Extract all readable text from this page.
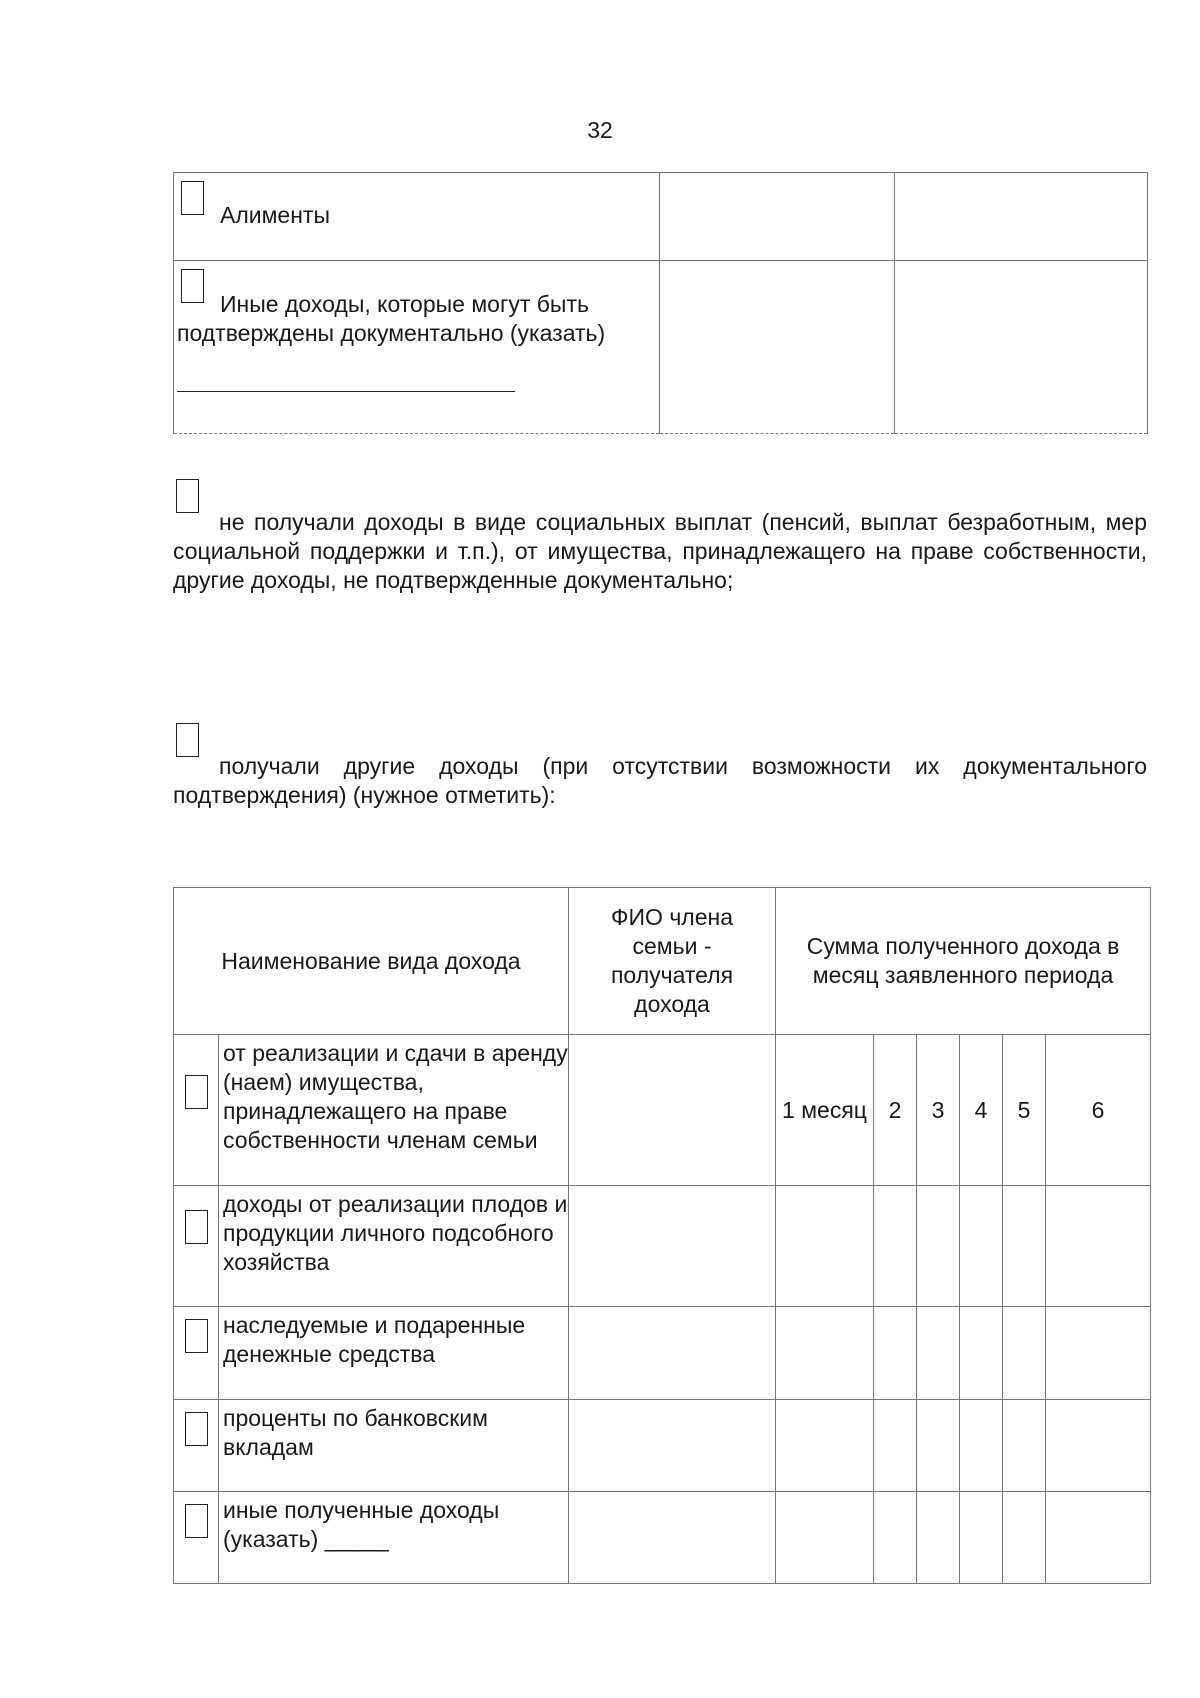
32
Алименты		

Иные доходы, которые могут быть подтверждены документально (указать)		

не получали доходы в виде социальных выплат (пенсий, выплат безработным, мер социальной поддержки и т.п.), от имущества, принадлежащего на праве собственности, другие доходы, не подтвержденные документально;
получали другие доходы (при отсутствии возможности их документального подтверждения) (нужное отметить):
Наименование вида дохода		ФИО члена семьи - получателя дохода	Сумма полученного дохода в месяц заявленного периода					
	от реализации и сдачи в аренду (наем) имущества, принадлежащего на праве собственности членам семьи		1 месяц	2	3	4	5	6
	доходы от реализации плодов и продукции личного подсобного хозяйства							
	наследуемые и подаренные денежные средства							
	проценты по банковским вкладам							
	иные полученные доходы (указать) _____							
